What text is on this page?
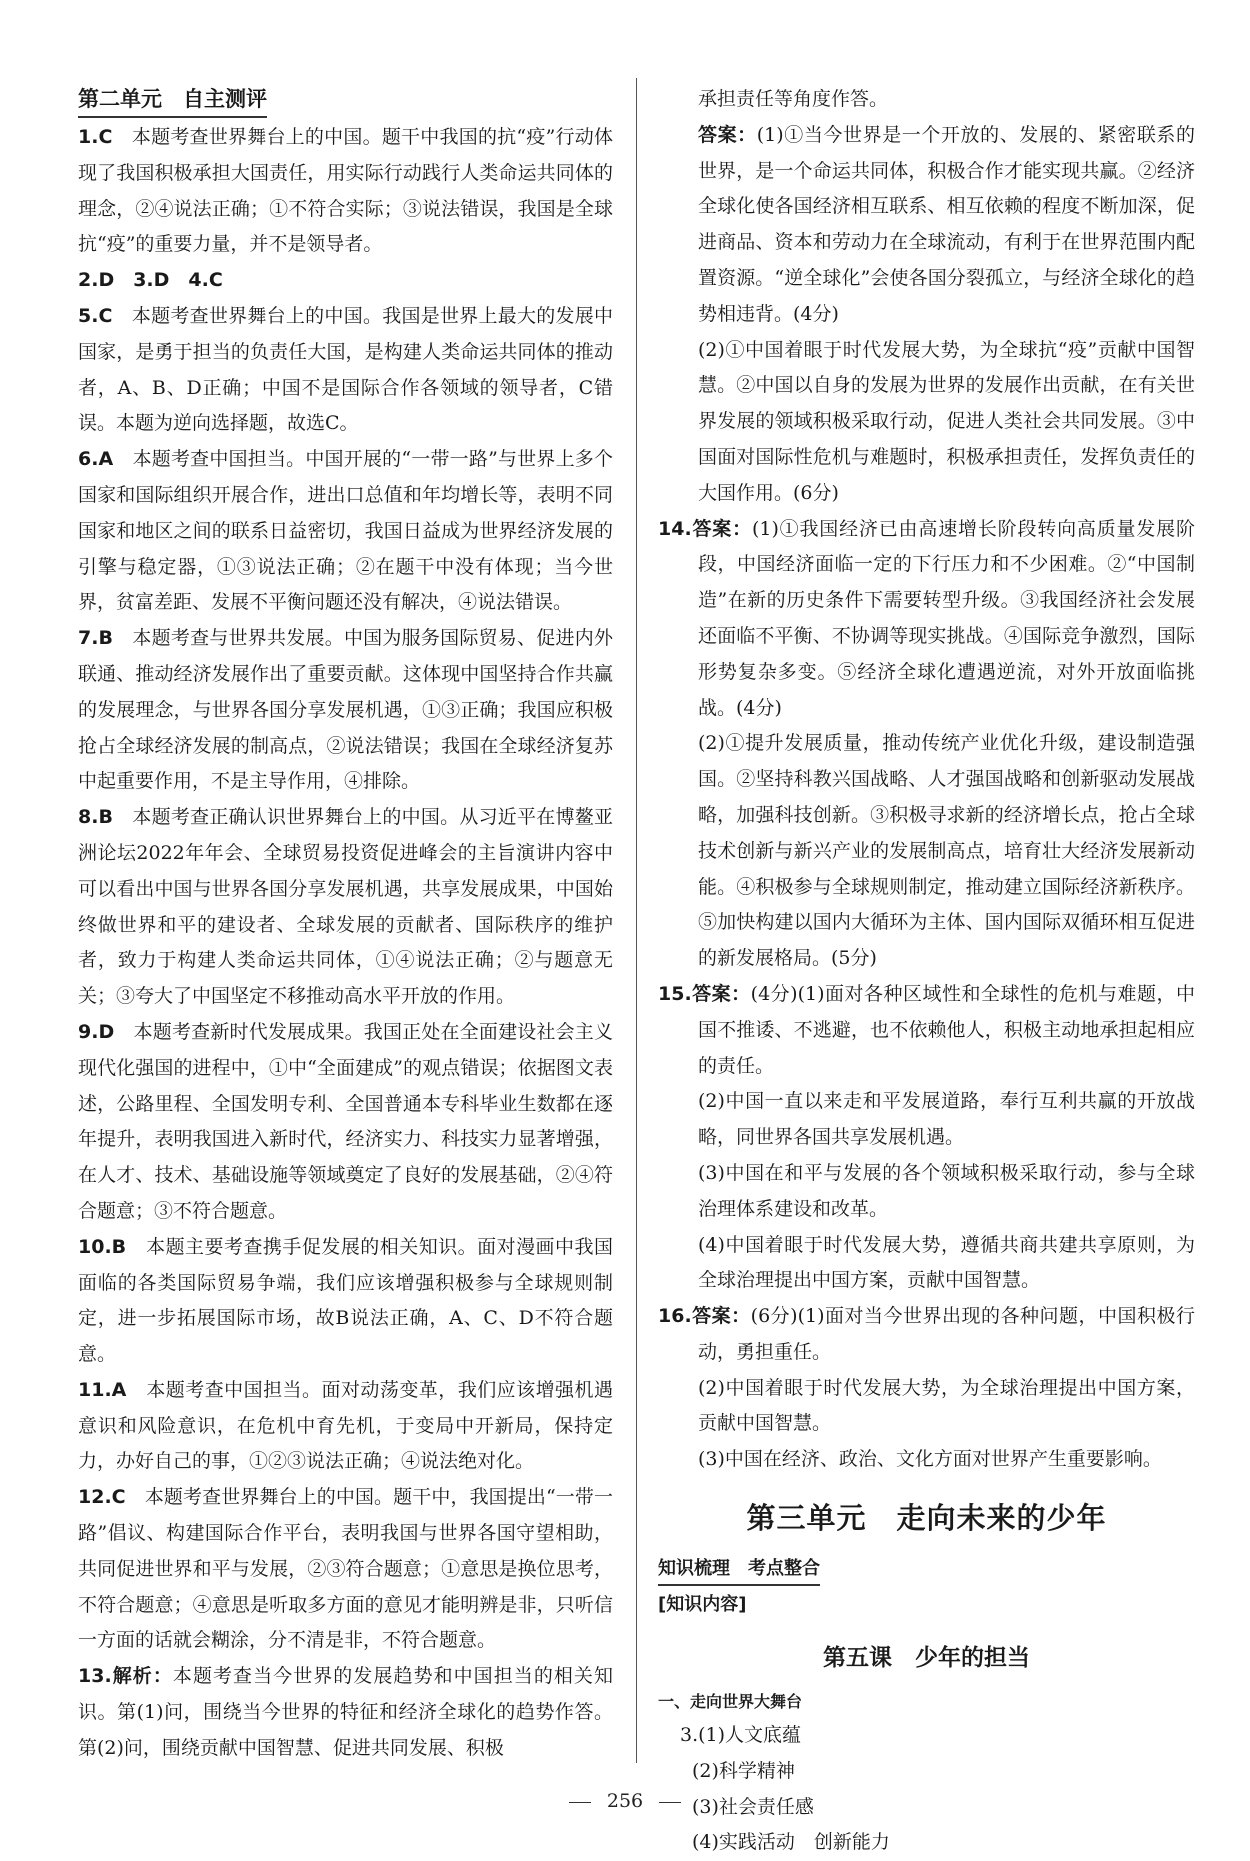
第二单元　自主测评

1.C　 本题考查世界舞台上的中国。题干中我国的抗“疫”行动体现了我国积极承担大国责任，用实际行动践行人类命运共同体的理念，②④说法正确；①不符合实际；③说法错误，我国是全球抗“疫”的重要力量，并不是领导者。

2.D　3.D　4.C

5.C　 本题考查世界舞台上的中国。我国是世界上最大的发展中国家，是勇于担当的负责任大国，是构建人类命运共同体的推动者，A、B、D正确；中国不是国际合作各领域的领导者，C错误。本题为逆向选择题，故选C。

6.A　 本题考查中国担当。中国开展的“一带一路”与世界上多个国家和国际组织开展合作，进出口总值和年均增长等，表明不同国家和地区之间的联系日益密切，我国日益成为世界经济发展的引擎与稳定器，①③说法正确；②在题干中没有体现；当今世界，贫富差距、发展不平衡问题还没有解决，④说法错误。

7.B　 本题考查与世界共发展。中国为服务国际贸易、促进内外联通、推动经济发展作出了重要贡献。这体现中国坚持合作共赢的发展理念，与世界各国分享发展机遇，①③正确；我国应积极抢占全球经济发展的制高点，②说法错误；我国在全球经济复苏中起重要作用，不是主导作用，④排除。

8.B　 本题考查正确认识世界舞台上的中国。从习近平在博鳌亚洲论坛2022年年会、全球贸易投资促进峰会的主旨演讲内容中可以看出中国与世界各国分享发展机遇，共享发展成果，中国始终做世界和平的建设者、全球发展的贡献者、国际秩序的维护者，致力于构建人类命运共同体，①④说法正确；②与题意无关；③夸大了中国坚定不移推动高水平开放的作用。

9.D　 本题考查新时代发展成果。我国正处在全面建设社会主义现代化强国的进程中，①中“全面建成”的观点错误；依据图文表述，公路里程、全国发明专利、全国普通本专科毕业生数都在逐年提升，表明我国进入新时代，经济实力、科技实力显著增强，在人才、技术、基础设施等领域奠定了良好的发展基础，②④符合题意；③不符合题意。

10.B　 本题主要考查携手促发展的相关知识。面对漫画中我国面临的各类国际贸易争端，我们应该增强积极参与全球规则制定，进一步拓展国际市场，故B说法正确，A、C、D不符合题意。

11.A　 本题考查中国担当。面对动荡变革，我们应该增强机遇意识和风险意识，在危机中育先机，于变局中开新局，保持定力，办好自己的事，①②③说法正确；④说法绝对化。

12.C　 本题考查世界舞台上的中国。题干中，我国提出“一带一路”倡议、构建国际合作平台，表明我国与世界各国守望相助，共同促进世界和平与发展，②③符合题意；①意思是换位思考，不符合题意；④意思是听取多方面的意见才能明辨是非，只听信一方面的话就会糊涂，分不清是非，不符合题意。

13.解析：本题考查当今世界的发展趋势和中国担当的相关知识。第(1)问，围绕当今世界的特征和经济全球化的趋势作答。第(2)问，围绕贡献中国智慧、促进共同发展、积极

承担责任等角度作答。

答案：(1)①当今世界是一个开放的、发展的、紧密联系的世界，是一个命运共同体，积极合作才能实现共赢。②经济全球化使各国经济相互联系、相互依赖的程度不断加深，促进商品、资本和劳动力在全球流动，有利于在世界范围内配置资源。“逆全球化”会使各国分裂孤立，与经济全球化的趋势相违背。(4分)

(2)①中国着眼于时代发展大势，为全球抗“疫”贡献中国智慧。②中国以自身的发展为世界的发展作出贡献，在有关世界发展的领域积极采取行动，促进人类社会共同发展。③中国面对国际性危机与难题时，积极承担责任，发挥负责任的大国作用。(6分)

14.答案：(1)①我国经济已由高速增长阶段转向高质量发展阶段，中国经济面临一定的下行压力和不少困难。②“中国制造”在新的历史条件下需要转型升级。③我国经济社会发展还面临不平衡、不协调等现实挑战。④国际竞争激烈，国际形势复杂多变。⑤经济全球化遭遇逆流，对外开放面临挑战。(4分)

(2)①提升发展质量，推动传统产业优化升级，建设制造强国。②坚持科教兴国战略、人才强国战略和创新驱动发展战略，加强科技创新。③积极寻求新的经济增长点，抢占全球技术创新与新兴产业的发展制高点，培育壮大经济发展新动能。④积极参与全球规则制定，推动建立国际经济新秩序。⑤加快构建以国内大循环为主体、国内国际双循环相互促进的新发展格局。(5分)

15.答案：(4分)(1)面对各种区域性和全球性的危机与难题，中国不推诿、不逃避，也不依赖他人，积极主动地承担起相应的责任。

(2)中国一直以来走和平发展道路，奉行互利共赢的开放战略，同世界各国共享发展机遇。

(3)中国在和平与发展的各个领域积极采取行动，参与全球治理体系建设和改革。

(4)中国着眼于时代发展大势，遵循共商共建共享原则，为全球治理提出中国方案，贡献中国智慧。

16.答案：(6分)(1)面对当今世界出现的各种问题，中国积极行动，勇担重任。

(2)中国着眼于时代发展大势，为全球治理提出中国方案，贡献中国智慧。

(3)中国在经济、政治、文化方面对世界产生重要影响。

第三单元　走向未来的少年
知识梳理　考点整合
[知识内容]
第五课　少年的担当
一、走向世界大舞台
3.(1)人文底蕴
(2)科学精神
(3)社会责任感
(4)实践活动　创新能力
256
